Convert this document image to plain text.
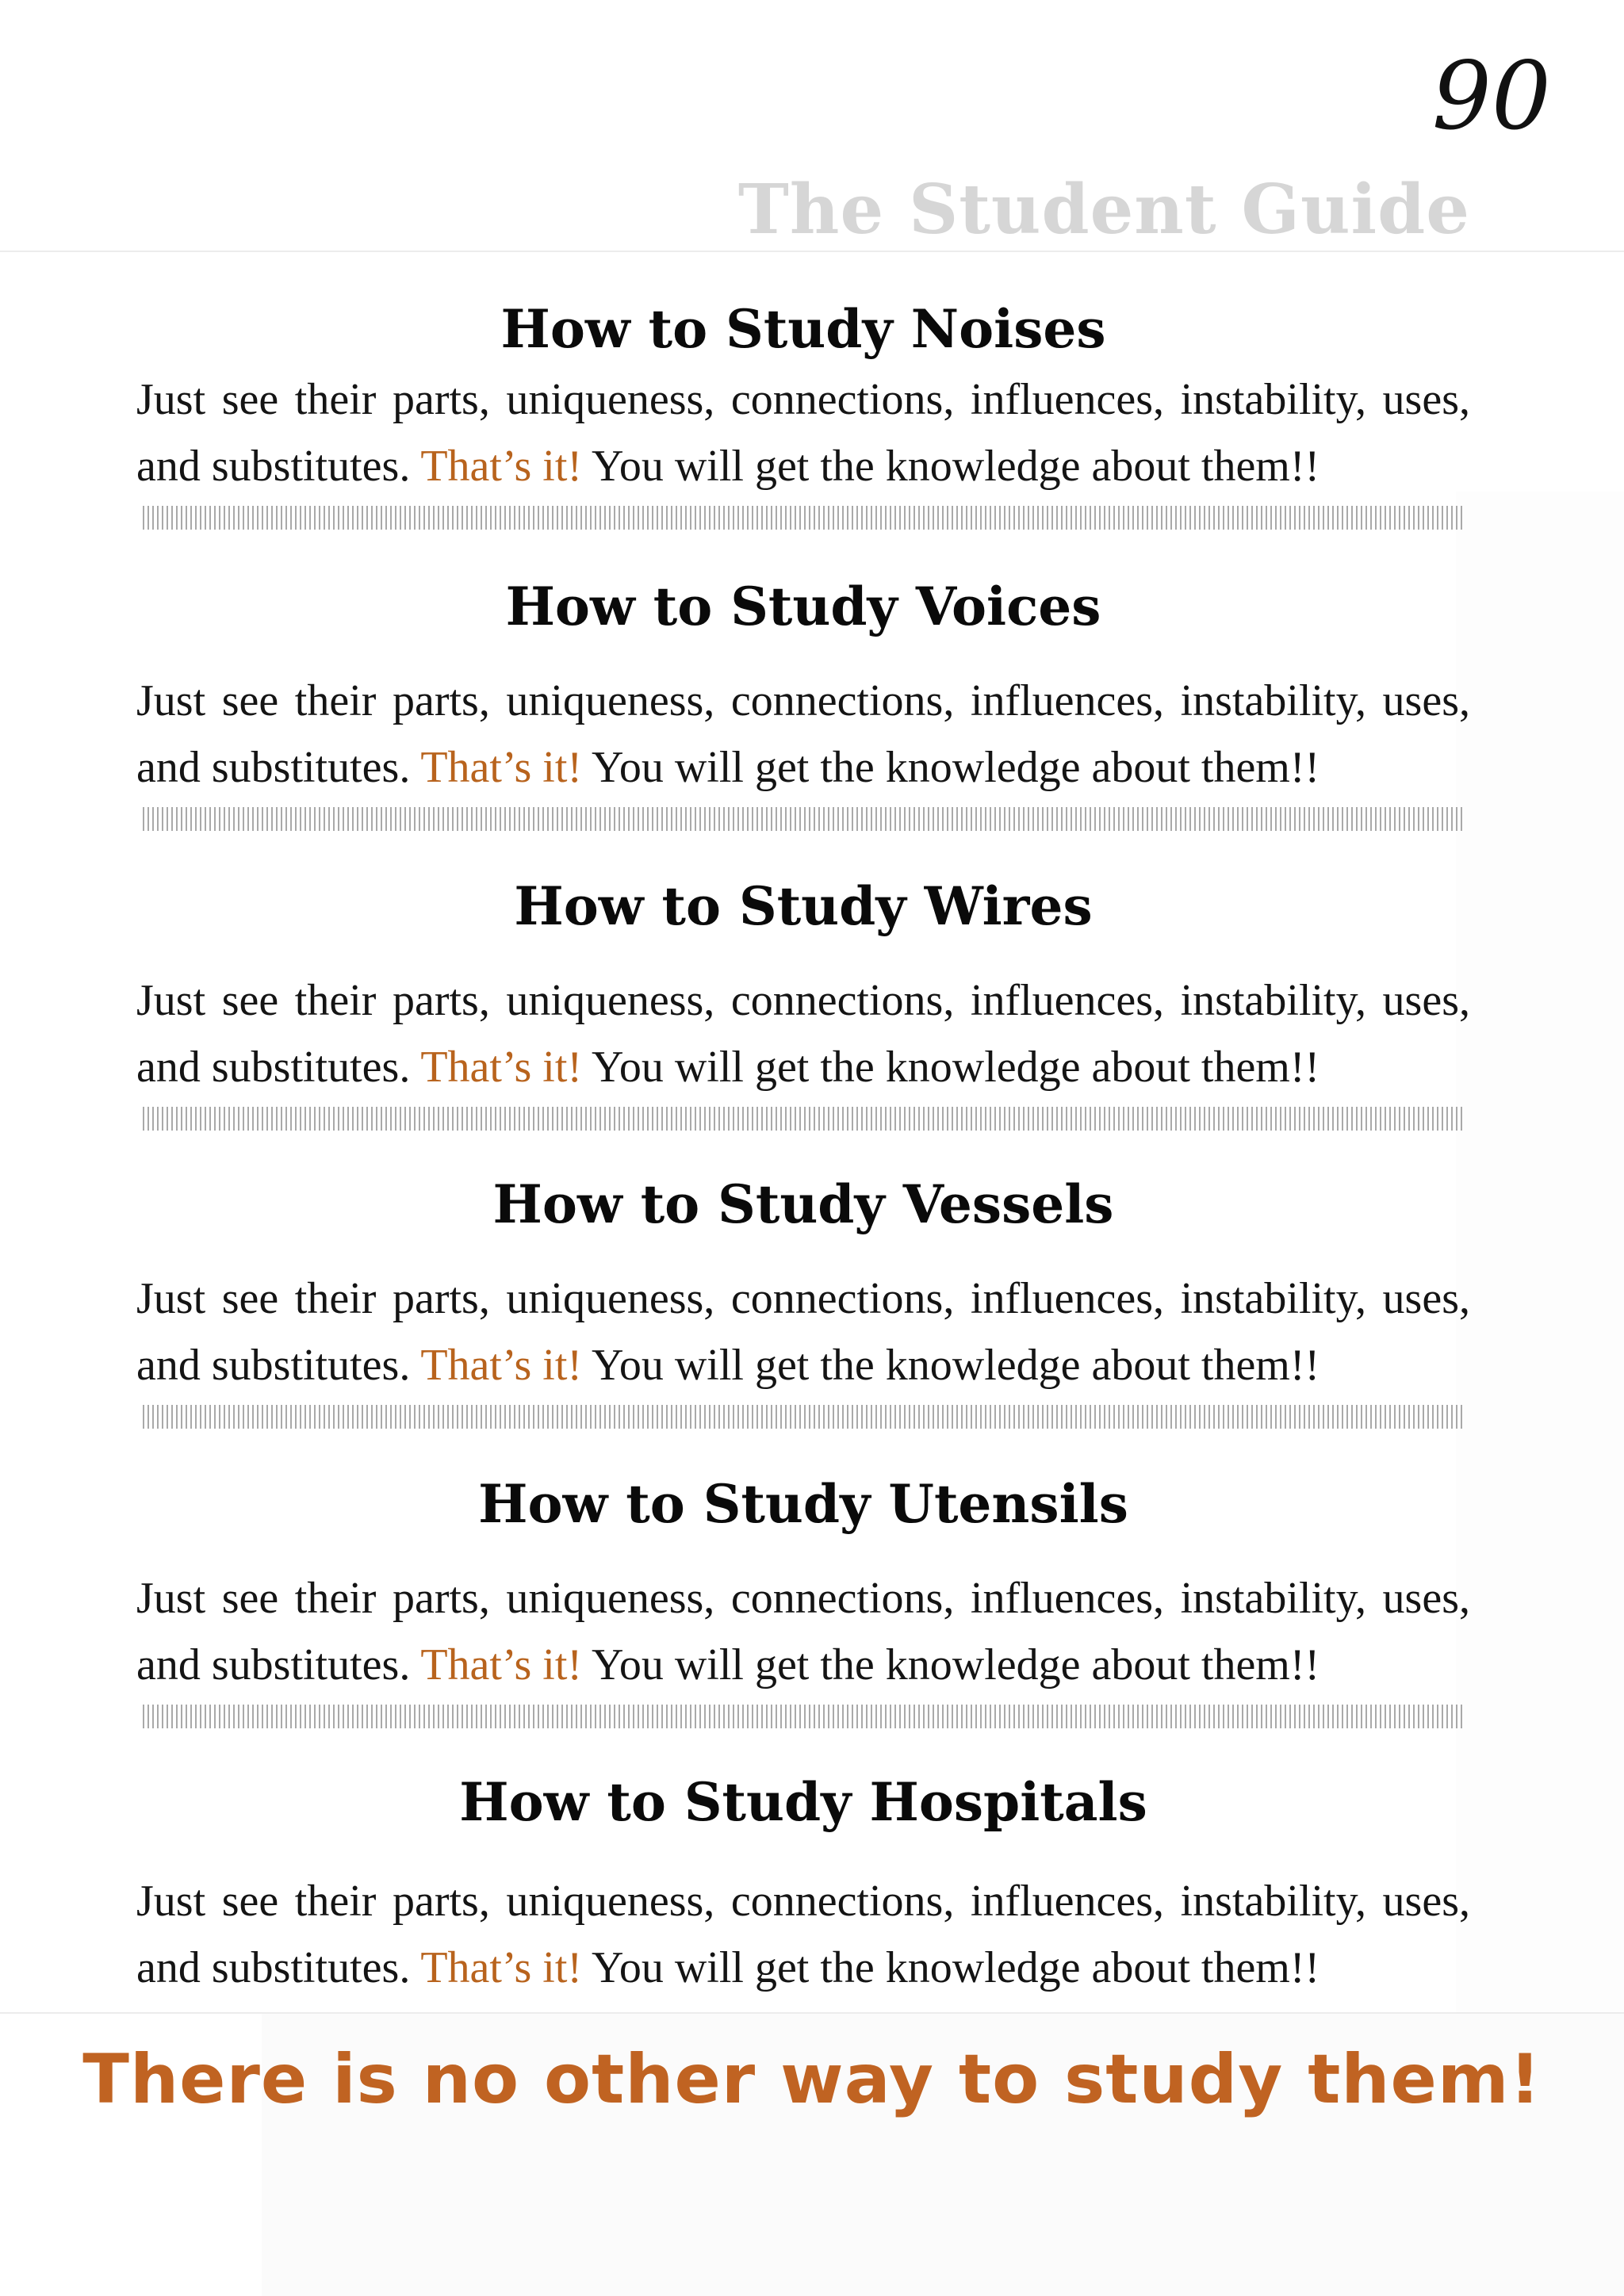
90
The Student Guide
How to Study Noises
Just see their parts, uniqueness, connections, influences, instability, uses, and substitutes. That’s it! You will get the knowledge about them!!
How to Study Voices
Just see their parts, uniqueness, connections, influences, instability, uses, and substitutes. That’s it! You will get the knowledge about them!!
How to Study Wires
Just see their parts, uniqueness, connections, influences, instability, uses, and substitutes. That’s it! You will get the knowledge about them!!
How to Study Vessels
Just see their parts, uniqueness, connections, influences, instability, uses, and substitutes. That’s it! You will get the knowledge about them!!
How to Study Utensils
Just see their parts, uniqueness, connections, influences, instability, uses, and substitutes. That’s it! You will get the knowledge about them!!
How to Study Hospitals
Just see their parts, uniqueness, connections, influences, instability, uses, and substitutes. That’s it! You will get the knowledge about them!!
There is no other way to study them!
